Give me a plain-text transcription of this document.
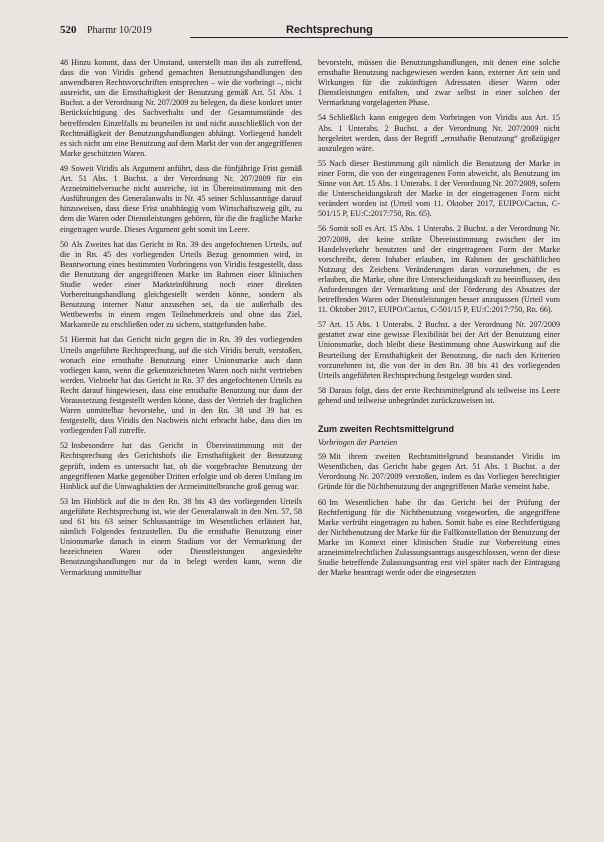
520 Pharmr 10/2019	Rechtsprechung

48 Hinzu kommt, dass der Umstand, unterstellt man ihn als zutreffend, dass die von Viridis gehend gemachten Benutzungshandlungen den anwendbaren Rechtsvorschriften entsprechen – wie die vorbringt –, nicht ausreicht, um die Ernsthaftigkeit der Benutzung gemäß Art. 51 Abs. 1 Buchst. a der Verordnung Nr. 207/2009 zu belegen, da diese konkret unter Berücksichtigung des Sachverhalts und der Gesamtumstände des betreffenden Einzelfalls zu beurteilen ist und nicht ausschließlich von der Rechtmäßigkeit der Benutzungshandlungen abhängt. Vorliegend handelt es sich nicht um eine Benutzung auf dem Markt der von der angegriffenen Marke geschützten Waren.

49 Soweit Viridis als Argument anführt, dass die fünfjährige Frist gemäß Art. 51 Abs. 1 Buchst. a der Verordnung Nr. 207/2009 für ein Arzneimittelversuche nicht ausreiche, ist in Übereinstimmung mit den Ausführungen des Generalanwalts in Nr. 45 seiner Schlussanträge darauf hinzuweisen, dass diese Frist unabhängig vom Wirtschaftszweig gilt, zu dem die Waren oder Dienstleistungen gehören, für die die fragliche Marke eingetragen wurde. Dieses Argument geht somit ins Leere.

50 Als Zweites hat das Gericht in Rn. 39 des angefochtenen Urteils, auf die in Rn. 45 des vorliegenden Urteils Bezug genommen wird, in Beantwortung eines bestimmten Vorbringens von Viridis festgestellt, dass die Benutzung der angegriffenen Marke im Rahmen einer klinischen Studie weder einer Markteinführung noch einer direkten Vorbereitungshandlung gleichgestellt werden könne, sondern als Benutzung interner Natur anzusehen sei, da sie außerhalb des Wettbewerbs in einem engen Teilnehmerkreis und ohne das Ziel, Markanteile zu erschließen oder zu sichern, stattgefunden habe.

51 Hiermit hat das Gericht nicht gegen die in Rn. 39 des vorliegenden Urteils angeführte Rechtsprechung, auf die sich Viridis beruft, verstoßen, wonach eine ernsthafte Benutzung einer Unionsmarke auch dann vorliegen kann, wenn die gekennzeichneten Waren noch nicht vertrieben werden. Vielmehr hat das Gericht in Rn. 37 des angefochtenen Urteils zu Recht darauf hingewiesen, dass eine ernsthafte Benutzung nur dann der Voraussetzung festgestellt werden könne, dass der Vertrieb der fraglichen Waren unmittelbar bevorstehe, und in den Rn. 38 und 39 hat es festgestellt, dass Viridis den Nachweis nicht erbracht habe, dass dies im vorliegenden Fall zutreffe.

52 Insbesondere hat das Gericht in Übereinstimmung mit der Rechtsprechung des Gerichtshofs die Ernsthaftigkeit der Benutzung geprüft, indem es untersucht hat, ob die vorgebrachte Benutzung der angegriffenen Marke gegenüber Dritten erfolgte und ob deren Umfang im Hinblick auf die Umwaghaktien der Arzneimittelbranche groß genug war.

53 Im Hinblick auf die in den Rn. 38 bis 43 des vorliegenden Urteils angeführte Rechtsprechung ist, wie der Generalanwalt in den Nrn. 57, 58 und 61 bis 63 seiner Schlussanträge im Wesentlichen erläutert hat, nämlich Folgendes festzustellen. Da die ernsthafte Benutzung einer Unionsmarke danach in einem Stadium vor der Vermarktung der bezeichneten Waren oder Dienstleistungen angesiedelte Benutzungshandlungen nur da in belegt werden kann, wenn die Vermarktung unmittelbar

bevorsteht, müssen die Benutzungshandlungen, mit denen eine solche ernsthafte Benutzung nachgewiesen werden kann, externer Art sein und Wirkungen für die zukünftigen Adressaten dieser Waren oder Dienstleistungen entfalten, und zwar selbst in einer solchen der Vermarktung vorgelagerten Phase.

54 Schließlich kann entgegen dem Vorbringen von Viridis aus Art. 15 Abs. 1 Unterabs. 2 Buchst. a der Verordnung Nr. 207/2009 nicht hergeleitet werden, dass der Begriff „ernsthafte Benutzung“ großzügiger auszulegen wäre.

55 Nach dieser Bestimmung gilt nämlich die Benutzung der Marke in einer Form, die von der eingetragenen Form abweicht, als Benutzung im Sinne von Art. 15 Abs. 1 Unterabs. 1 der Verordnung Nr. 207/2009, sofern die Unterscheidungskraft der Marke in der eingetragenen Form nicht verändert worden ist (Urteil vom 11. Oktober 2017, EUIPO/Cactus, C-501/15 P, EU:C:2017:750, Rn. 65).

56 Somit soll es Art. 15 Abs. 1 Unterabs. 2 Buchst. a der Verordnung Nr. 207/2009, der keine strikte Übereinstimmung zwischen der im Handelsverkehr benutzten und der eingetragenen Form der Marke vorschreibt, deren Inhaber erlauben, im Rahmen der geschäftlichen Nutzung des Zeichens Veränderungen daran vorzunehmen, die es erlauben, die Marke, ohne ihre Unterscheidungskraft zu beeinflussen, den Anforderungen der Vermarktung und der Förderung des Absatzes der betreffenden Waren oder Dienstleistungen besser anzupassen (Urteil vom 11. Oktober 2017, EUIPO/Cactus, C-501/15 P, EU:C:2017:750, Rn. 66).

57 Art. 15 Abs. 1 Unterabs. 2 Buchst. a der Verordnung Nr. 207/2009 gestattet zwar eine gewisse Flexibilität bei der Art der Benutzung einer Unionsmarke, doch bleibt diese Bestimmung ohne Auswirkung auf die Beurteilung der Ernsthaftigkeit der Benutzung, die nach den Kriterien vorzunehmen ist, die von der in den Rn. 38 bis 41 des vorliegenden Urteils angeführten Rechtsprechung festgelegt worden sind.

58 Daraus folgt, dass der erste Rechtsmittelgrund als teilweise ins Leere gehend und teilweise unbegründet zurückzuweisen ist.

Zum zweiten Rechtsmittelgrund
Vorbringen der Parteien

59 Mit ihrem zweiten Rechtsmittelgrund beanstandet Viridis im Wesentlichen, das Gericht habe gegen Art. 51 Abs. 1 Buchst. a der Verordnung Nr. 207/2009 verstoßen, indem es das Vorliegen berechtigter Gründe für die Nichtbenutzung der angegriffenen Marke verneint habe.

60 Im Wesentlichen habe ihr das Gericht bei der Prüfung der Rechtfertigung für die Nichtbenutzung vorgeworfen, die angegriffene Marke verfrüht eingetragen zu haben. Somit habe es eine Rechtfertigung der Nichtbenutzung der Marke für die Fallkonstellation der Benutzung der Marke im Kontext einer klinischen Studie zur Vorbereitung eines arzneimittelrechtlichen Zulassungsantrags ausgeschlossen, wenn der diese Studie betreffende Zulassungsantrag erst viel später nach der Eintragung der Marke beantragt werde oder die eingesetzten
